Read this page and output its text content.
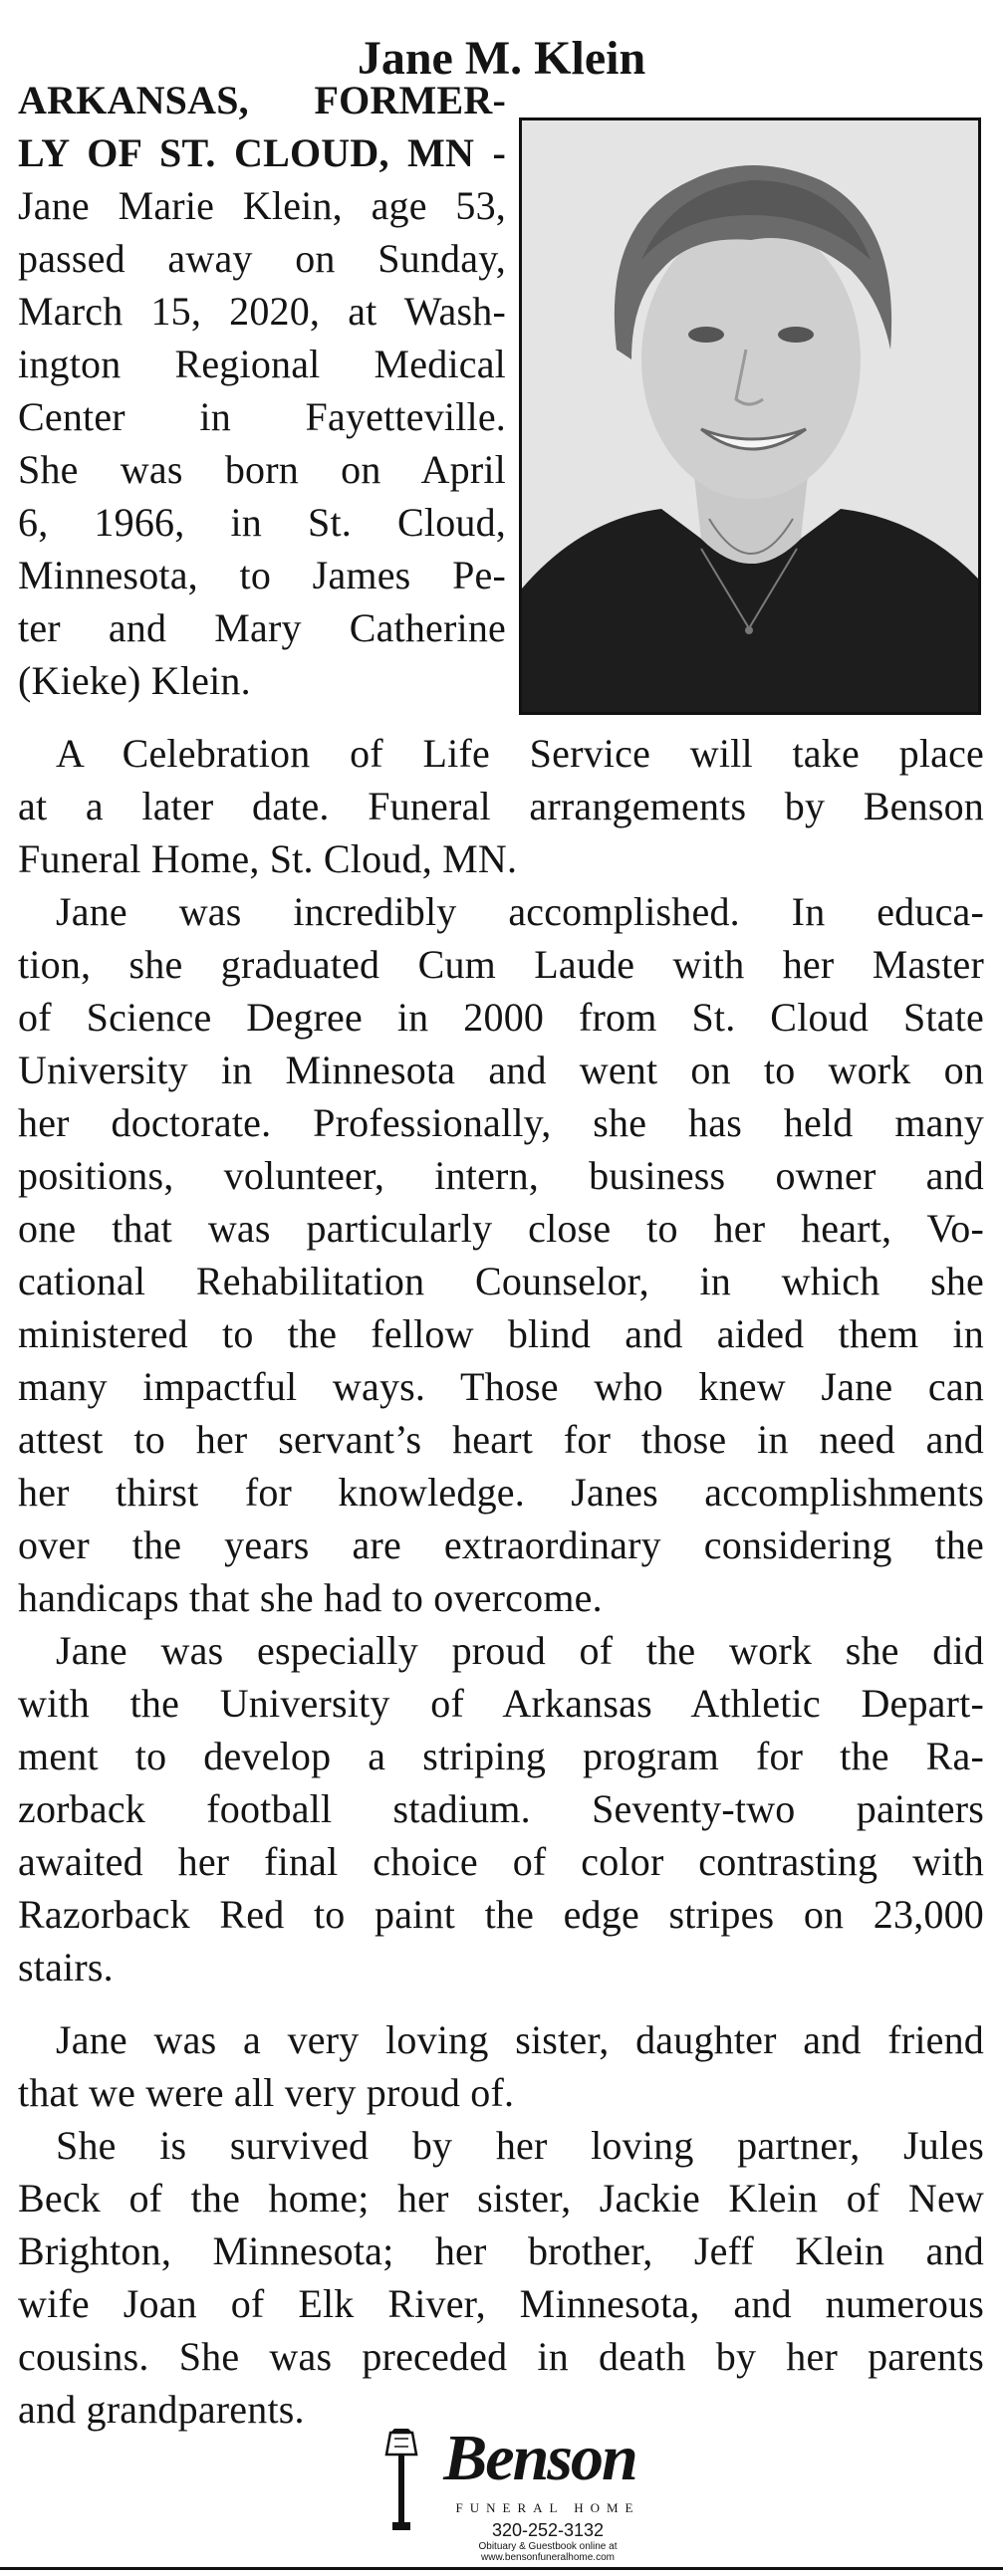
Jane M. Klein
ARKANSAS, FORMER-
LY OF ST. CLOUD, MN -
Jane Marie Klein, age 53,
passed away on Sunday,
March 15, 2020, at Wash-
ington Regional Medical
Center in Fayetteville.
She was born on April
6, 1966, in St. Cloud,
Minnesota, to James Pe-
ter and Mary Catherine
(Kieke) Klein.
A Celebration of Life Service will take place
at a later date. Funeral arrangements by Benson
Funeral Home, St. Cloud, MN.
Jane was incredibly accomplished. In educa-
tion, she graduated Cum Laude with her Master
of Science Degree in 2000 from St. Cloud State
University in Minnesota and went on to work on
her doctorate. Professionally, she has held many
positions, volunteer, intern, business owner and
one that was particularly close to her heart, Vo-
cational Rehabilitation Counselor, in which she
ministered to the fellow blind and aided them in
many impactful ways. Those who knew Jane can
attest to her servant’s heart for those in need and
her thirst for knowledge. Janes accomplishments
over the years are extraordinary considering the
handicaps that she had to overcome.
Jane was especially proud of the work she did
with the University of Arkansas Athletic Depart-
ment to develop a striping program for the Ra-
zorback football stadium. Seventy-two painters
awaited her final choice of color contrasting with
Razorback Red to paint the edge stripes on 23,000
stairs.
Jane was a very loving sister, daughter and friend
that we were all very proud of.
She is survived by her loving partner, Jules
Beck of the home; her sister, Jackie Klein of New
Brighton, Minnesota; her brother, Jeff Klein and
wife Joan of Elk River, Minnesota, and numerous
cousins. She was preceded in death by her parents
and grandparents.
Benson
FUNERAL HOME
320-252-3132
Obituary & Guestbook online at
www.bensonfuneralhome.com
